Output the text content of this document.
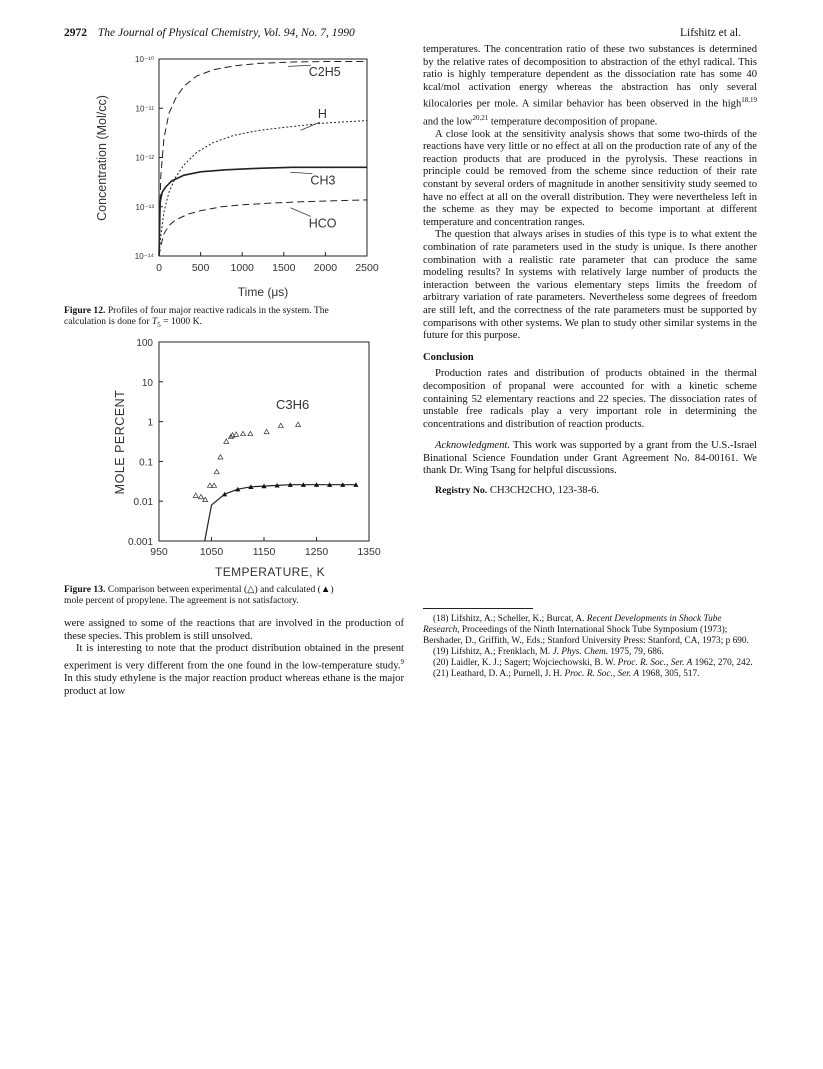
2972 The Journal of Physical Chemistry, Vol. 94, No. 7, 1990	Lifshitz et al.
0	500 1000 1500 2000 2500
10⁻¹⁰
10⁻¹¹
10⁻¹²
10⁻¹³
10⁻¹⁴
C2H5
H
CH3
HCO
Concentration (Mol/cc)
Time (μs)
Figure 12. Profiles of four major reactive radicals in the system. The
calculation is done for $T_5 = 1000$ K.
950	1050	1150	1250	1350
100
10
1
0.1
0.01
0.001
C3H6
MOLE PERCENT
TEMPERATURE, K
Figure 13. Comparison between experimental (△) and calculated (▲)
mole percent of propylene. The agreement is not satisfactory.

were assigned to some of the reactions that are involved in the production of these species. This problem is still unsolved.

It is interesting to note that the product distribution obtained in the present experiment is very different from the one found in the low-temperature study.$^9$ In this study ethylene is the major reaction product whereas ethane is the major product at low

temperatures. The concentration ratio of these two substances is determined by the relative rates of decomposition to abstraction of the ethyl radical. This ratio is highly temperature dependent as the dissociation rate has some 40 kcal/mol activation energy whereas the abstraction has only several kilocalories per mole. A similar behavior has been observed in the high$^{18,19}$ and the low$^{20,21}$ temperature decomposition of propane.

A close look at the sensitivity analysis shows that some two-thirds of the reactions have very little or no effect at all on the production rate of any of the reaction products that are produced in the pyrolysis. These reactions in principle could be removed from the scheme since reduction of their rate constant by several orders of magnitude in another sensitivity study seemed to have no effect at all on the overall distribution. They were nevertheless left in the scheme as they may be expected to become important at different temperature and concentration ranges.

The question that always arises in studies of this type is to what extent the combination of rate parameters used in the study is unique. Is there another combination with a realistic rate parameter that can produce the same modeling results? In systems with relatively large number of products the interaction between the various elementary steps limits the freedom of arbitrary variation of rate parameters. Nevertheless some degrees of freedom are still left, and the correctness of the rate parameters must be supported by comparisons with other systems. We plan to study other similar systems in the future for this purpose.

Conclusion

Production rates and distribution of products obtained in the thermal decomposition of propanal were accounted for with a kinetic scheme containing 52 elementary reactions and 22 species. The dissociation rates of unstable free radicals play a very important role in determining the concentrations and distribution of reaction products.

Acknowledgment. This work was supported by a grant from the U.S.-Israel Binational Science Foundation under Grant Agreement No. 84-00161. We thank Dr. Wing Tsang for helpful discussions.

Registry No. CH3CH2CHO, 123-38-6.

(18) Lifshitz, A.; Scheller, K.; Burcat, A. Recent Developments in Shock Tube Research, Proceedings of the Ninth International Shock Tube Symposium (1973); Bershader, D., Griffith, W., Eds.; Stanford University Press: Stanford, CA, 1973; p 690.

(19) Lifshitz, A.; Frenklach, M. J. Phys. Chem. 1975, 79, 686.

(20) Laidler, K. J.; Sagert; Wojciechowski, B. W. Proc. R. Soc., Ser. A 1962, 270, 242.

(21) Leathard, D. A.; Purnell, J. H. Proc. R. Soc., Ser. A 1968, 305, 517.
